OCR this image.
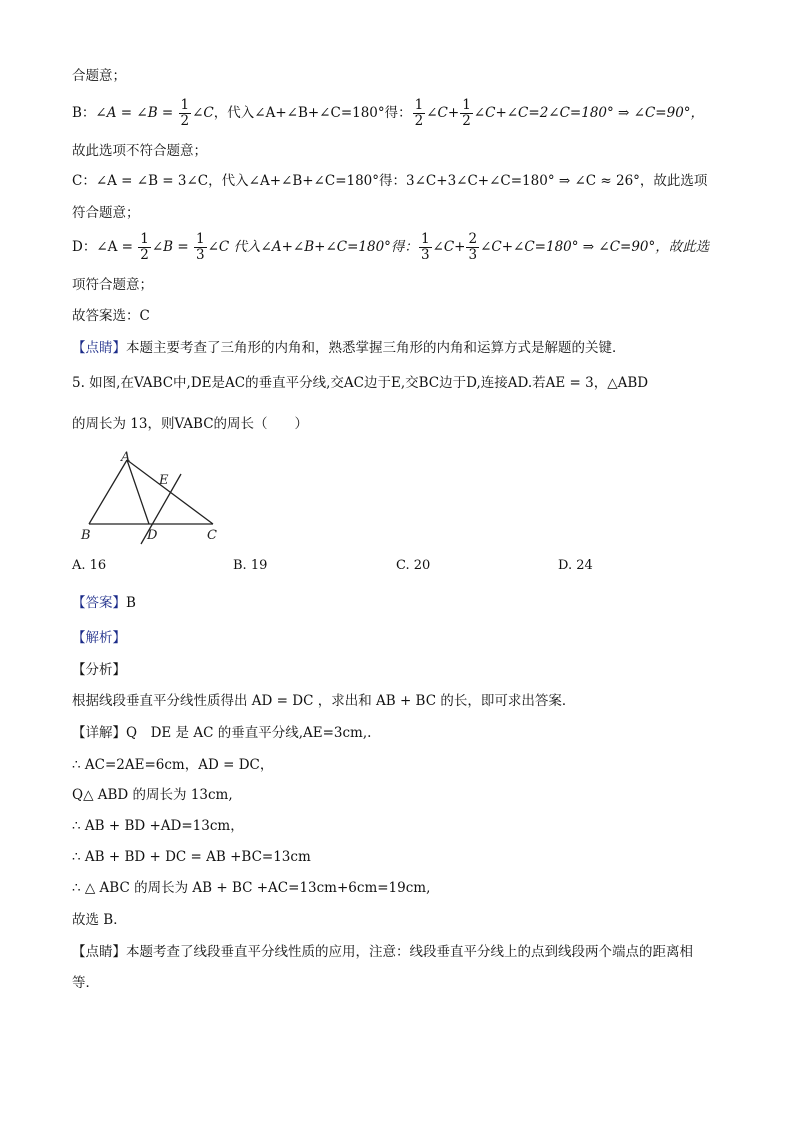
合题意；
B：∠A = ∠B = $\frac{1}{2}$ ∠C，代入∠A+∠B+∠C=180°得： $\frac{1}{2}$ ∠C+ $\frac{1}{2}$ ∠C+∠C=2∠C=180° ⇒ ∠C=90°，
故此选项不符合题意；
C：∠A = ∠B = 3∠C，代入∠A+∠B+∠C=180°得：3∠C+3∠C+∠C=180° ⇒ ∠C ≈ 26°，故此选项
符合题意；
D：∠A = $\frac{1}{2}$ ∠B = $\frac{1}{3}$ ∠C 代入∠A+∠B+∠C=180°得： $\frac{1}{3}$ ∠C+ $\frac{2}{3}$ ∠C+∠C=180° ⇒ ∠C=90°，故此选
项符合题意；
故答案选：C
【点睛】本题主要考查了三角形的内角和，熟悉掌握三角形的内角和运算方式是解题的关键．
5. 如图,在VABC中,DE是AC的垂直平分线,交AC边于E,交BC边于D,连接AD.若AE = 3，△ABD
的周长为 13，则VABC的周长（　　）
A
B	C
D
E
A. 16	B. 19	C. 20	D. 24
【答案】B
【解析】
【分析】
根据线段垂直平分线性质得出 AD = DC ，求出和 AB + BC 的长，即可求出答案．
【详解】Q　DE 是 AC 的垂直平分线,AE=3cm,.
∴ AC=2AE=6cm，AD = DC，
Q△ ABD 的周长为 13cm,
∴ AB + BD +AD=13cm，
∴ AB + BD + DC = AB +BC=13cm
∴ △ ABC 的周长为 AB + BC +AC=13cm+6cm=19cm,
故选 B．
【点睛】本题考查了线段垂直平分线性质的应用，注意：线段垂直平分线上的点到线段两个端点的距离相
等．
